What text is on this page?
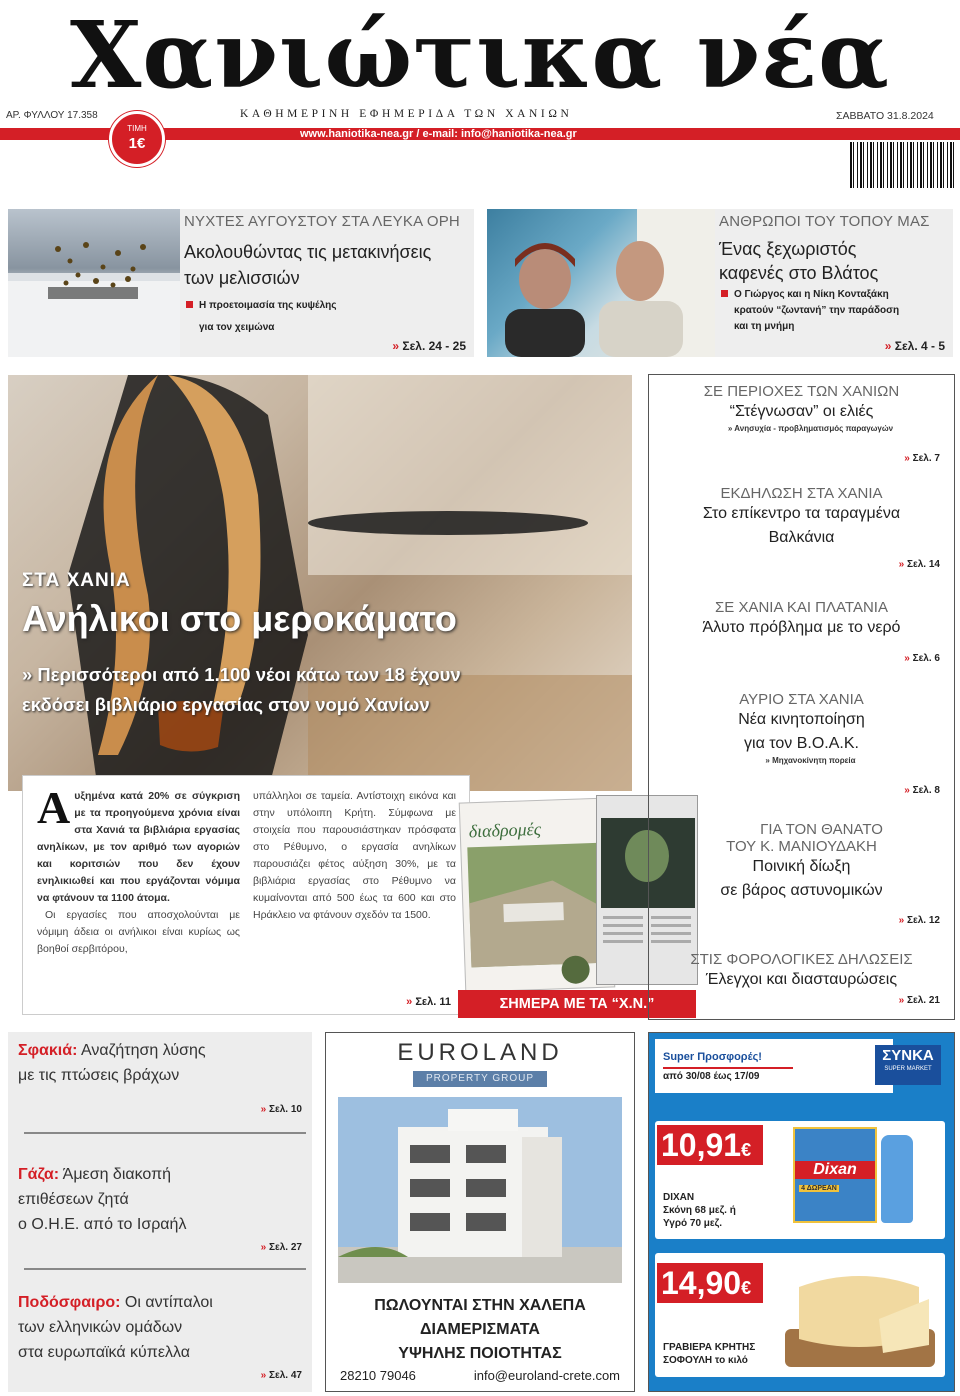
Χανιώτικα νέα
ΑΡ. ΦΥΛΛΟΥ 17.358	ΚΑΘΗΜΕΡΙΝΗ ΕΦΗΜΕΡΙΔΑ ΤΩΝ ΧΑΝΙΩΝ	ΣΑΒΒΑΤΟ 31.8.2024
www.haniotika-nea.gr / e-mail: info@haniotika-nea.gr
ΤΙΜΗ
1€
ΝΥΧΤΕΣ ΑΥΓΟΥΣΤΟΥ ΣΤΑ ΛΕΥΚΑ ΟΡΗ
Ακολουθώντας τις μετακινήσεις
των μελισσιών
Η προετοιμασία της κυψέλης
για τον χειμώνα
» Σελ. 24 - 25
ΑΝΘΡΩΠΟΙ ΤΟΥ ΤΟΠΟΥ ΜΑΣ
Ένας ξεχωριστός
καφενές στο Βλάτος
Ο Γιώργος και η Νίκη Κονταξάκη
κρατούν “ζωντανή” την παράδοση
και τη μνήμη
» Σελ. 4 - 5
ΣΤΑ ΧΑΝΙΑ
Ανήλικοι στο μεροκάματο
» Περισσότεροι από 1.100 νέοι κάτω των 18 έχουν
εκδόσει βιβλιάριο εργασίας στον νομό Χανίων
Αυξημένα κατά 20% σε σύγκριση με τα προηγούμενα χρόνια είναι στα Χανιά τα βιβλιάρια εργασίας ανηλίκων, με τον αριθμό των αγοριών και κοριτσιών που δεν έχουν ενηλικιωθεί και που εργάζονται νόμιμα να φτάνουν τα 1100 άτομα.
Οι εργασίες που αποσχολούνται με νόμιμη άδεια οι ανήλικοι είναι κυρίως ως βοηθοί σερβιτόρου,
υπάλληλοι σε ταμεία. Αντίστοιχη εικόνα και στην υπόλοιπη Κρήτη. Σύμφωνα με στοιχεία που παρουσιάστηκαν πρόσφατα στο Ρέθυμνο, ο εργασία ανηλίκων παρουσιάζει φέτος αύξηση 30%, με τα βιβλιάρια εργασίας στο Ρέθυμνο να κυμαίνονται από 500 έως τα 600 και στο Ηράκλειο να φτάνουν σχεδόν τα 1500.
» Σελ. 11
διαδρομές
ΣΗΜΕΡΑ ΜΕ ΤΑ “Χ.Ν.”
ΣΕ ΠΕΡΙΟΧΕΣ ΤΩΝ ΧΑΝΙΩΝ
“Στέγνωσαν” οι ελιές
» Ανησυχία - προβληματισμός παραγωγών
» Σελ. 7
ΕΚΔΗΛΩΣΗ ΣΤΑ ΧΑΝΙΑ
Στο επίκεντρο τα ταραγμένα
Βαλκάνια
» Σελ. 14
ΣΕ ΧΑΝΙΑ ΚΑΙ ΠΛΑΤΑΝΙΑ
Άλυτο πρόβλημα με το νερό
» Σελ. 6
ΑΥΡΙΟ ΣΤΑ ΧΑΝΙΑ
Νέα κινητοποίηση
για τον Β.Ο.Α.Κ.
» Μηχανοκίνητη πορεία
» Σελ. 8
ΓΙΑ ΤΟΝ ΘΑΝΑΤΟ
ΤΟΥ Κ. ΜΑΝΙΟΥΔΑΚΗ
Ποινική δίωξη
σε βάρος αστυνομικών
» Σελ. 12
ΣΤΙΣ ΦΟΡΟΛΟΓΙΚΕΣ ΔΗΛΩΣΕΙΣ
Έλεγχοι και διασταυρώσεις
» Σελ. 21
Σφακιά: Αναζήτηση λύσης
με τις πτώσεις βράχων
» Σελ. 10
Γάζα: Άμεση διακοπή
επιθέσεων ζητά
ο Ο.Η.Ε. από το Ισραήλ
» Σελ. 27
Ποδόσφαιρο: Οι αντίπαλοι
των ελληνικών ομάδων
στα ευρωπαϊκά κύπελλα
» Σελ. 47
EUROLAND
PROPERTY GROUP
ΠΩΛΟΥΝΤΑΙ ΣΤΗΝ ΧΑΛΕΠΑ
ΔΙΑΜΕΡΙΣΜΑΤΑ
ΥΨΗΛΗΣ ΠΟΙΟΤΗΤΑΣ
28210 79046	info@euroland-crete.com
Super Προσφορές!
από 30/08 έως 17/09
ΣΥΝΚΑ
SUPER MARKET
10,91€
DIXAN
Σκόνη 68 μεζ. ή
Υγρό 70 μεζ.
Dixan
4 ΔΩΡΕΑΝ
14,90€
ΓΡΑΒΙΕΡΑ ΚΡΗΤΗΣ
ΣΟΦΟΥΛΗ το κιλό
